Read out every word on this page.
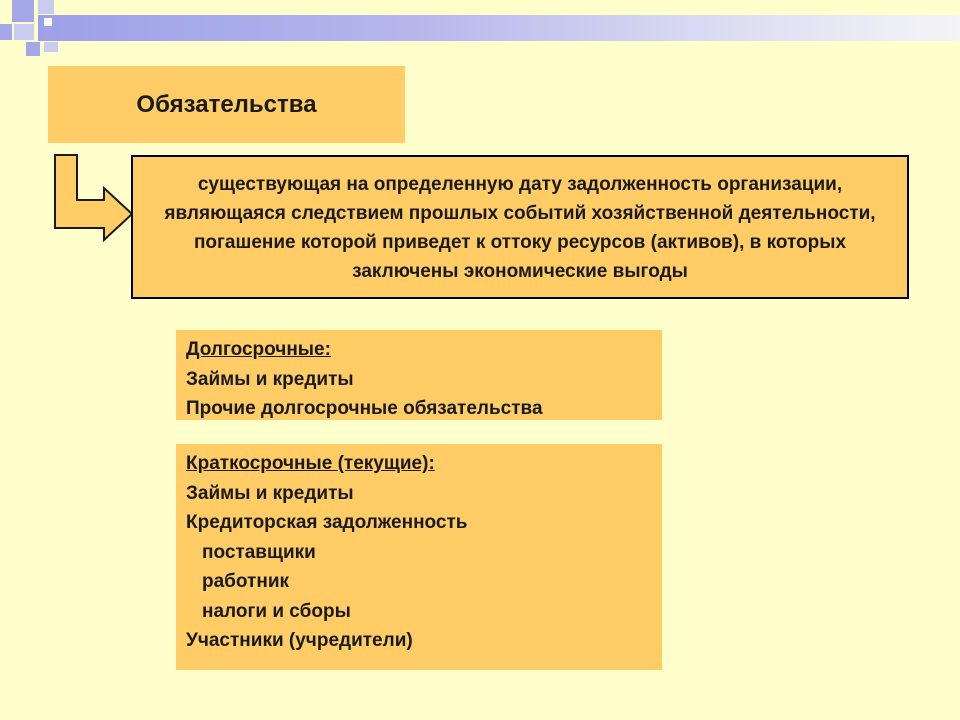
Обязательства
существующая на определенную дату задолженность организации, являющаяся следствием прошлых событий хозяйственной деятельности, погашение которой приведет к оттоку ресурсов (активов), в которых заключены экономические выгоды
Долгосрочные:
Займы и кредиты
Прочие долгосрочные обязательства
Краткосрочные (текущие):
Займы и кредиты
Кредиторская задолженность
поставщики
работник
налоги и сборы
Участники (учредители)
